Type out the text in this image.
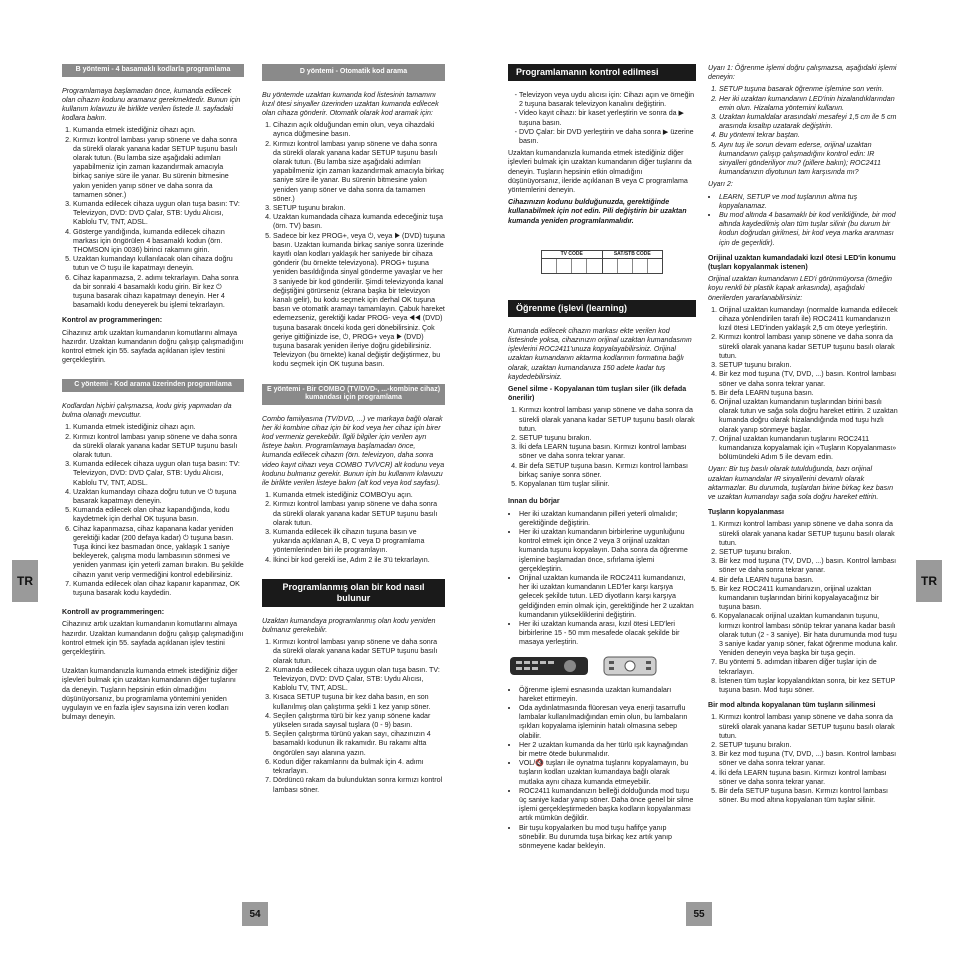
TR	TR
54	55
B yöntemi - 4 basamaklı kodlarla programlama

Programlamaya başlamadan önce, kumanda edilecek olan cihazın kodunu aramanız gerekmektedir. Bunun için kullanım kılavuzu ile birlikte verilen listede II. sayfadaki kodlara bakın.

1. Kumanda etmek istediğiniz cihazı açın.
2. Kırmızı kontrol lambası yanıp sönene ve daha sonra da sürekli olarak yanana kadar SETUP tuşunu basılı olarak tutun. (Bu lamba size aşağıdaki adımları yapabilmeniz için zaman kazandırmak amacıyla birkaç saniye süre ile yanar. Bu sürenin bitmesine yakın yeniden yanıp söner ve daha sonra da tamamen söner.)
3. Kumanda edilecek cihaza uygun olan tuşa basın: TV: Televizyon, DVD: DVD Çalar, STB: Uydu Alıcısı, Kablolu TV, TNT, ADSL.
4. Gösterge yandığında, kumanda edilecek cihazın markası için öngörülen 4 basamaklı kodun (örn. THOMSON için 0036) birinci rakamını girin.
5. Uzaktan kumandayı kullanılacak olan cihaza doğru tutun ve ⏻ tuşu ile kapatmayı deneyin.
6. Cihaz kapanmazsa, 2. adımı tekrarlayın. Daha sonra da bir sonraki 4 basamaklı kodu girin. Bir kez ⏻ tuşuna basarak cihazı kapatmayı deneyin. Her 4 basamaklı kodu deneyerek bu işlemi tekrarlayın.

Kontrol av programmeringen:

Cihazınız artık uzaktan kumandanın komutlarını almaya hazırdır. Uzaktan kumandanın doğru çalışıp çalışmadığını kontrol etmek için 55. sayfada açıklanan işlev testini gerçekleştirin.

C yöntemi - Kod arama üzerinden programlama

Kodlardan hiçbiri çalışmazsa, kodu giriş yapmadan da bulma olanağı mevcuttur.

1. Kumanda etmek istediğiniz cihazı açın.
2. Kırmızı kontrol lambası yanıp sönene ve daha sonra da sürekli olarak yanana kadar SETUP tuşunu basılı olarak tutun.
3. Kumanda edilecek cihaza uygun olan tuşa basın: TV: Televizyon, DVD: DVD Çalar, STB: Uydu Alıcısı, Kablolu TV, TNT, ADSL.
4. Uzaktan kumandayı cihaza doğru tutun ve ⏻ tuşuna basarak kapatmayı deneyin.
5. Kumanda edilecek olan cihaz kapandığında, kodu kaydetmek için derhal OK tuşuna basın.
6. Cihaz kapanmazsa, cihaz kapanana kadar yeniden gerektiği kadar (200 defaya kadar) ⏻ tuşuna basın. Tuşa ikinci kez basmadan önce, yaklaşık 1 saniye bekleyerek, çalışma modu lambasının sönmesi ve yeniden yanması için yeterli zaman bırakın. Bu şekilde cihazın yanıt verip vermediğini kontrol edebilirsiniz.
7. Kumanda edilecek olan cihaz kapanır kapanmaz, OK tuşuna basarak kodu kaydedin.

Kontroll av programmeringen:

Cihazınız artık uzaktan kumandanın komutlarını almaya hazırdır. Uzaktan kumandanın doğru çalışıp çalışmadığını kontrol etmek için 55. sayfada açıklanan işlev testini gerçekleştirin.

Uzaktan kumandanızla kumanda etmek istediğiniz diğer işlevleri bulmak için uzaktan kumandanın diğer tuşlarını da deneyin. Tuşların hepsinin etkin olmadığını düşünüyorsanız, bu programlama yöntemini yeniden uygulayın ve en fazla işlev sayısına izin veren kodları bulmayı deneyin.

D yöntemi - Otomatik kod arama

Bu yöntemde uzaktan kumanda kod listesinin tamamını kızıl ötesi sinyaller üzerinden uzaktan kumanda edilecek olan cihaza gönderir. Otomatik olarak kod aramak için:

1. Cihazın açık olduğundan emin olun, veya cihazdaki ayrıca düğmesine basın.
2. Kırmızı kontrol lambası yanıp sönene ve daha sonra da sürekli olarak yanana kadar SETUP tuşunu basılı olarak tutun. (Bu lamba size aşağıdaki adımları yapabilmeniz için zaman kazandırmak amacıyla birkaç saniye süre ile yanar. Bu sürenin bitmesine yakın yeniden yanıp söner ve daha sonra da tamamen söner.)
3. SETUP tuşunu bırakın.
4. Uzaktan kumandada cihaza kumanda edeceğiniz tuşa (örn. TV) basın.
5. Sadece bir kez PROG+, veya ⏻, veya ▶ (DVD) tuşuna basın. Uzaktan kumanda birkaç saniye sonra üzerinde kayıtlı olan kodları yaklaşık her saniyede bir cihaza gönderir (bu örnekte televizyona). PROG+ tuşuna yeniden basıldığında sinyal gönderme yavaşlar ve her 3 saniyede bir kod gönderilir. Şimdi televizyonda kanal değiştiğini görürseniz (ekrana başka bir televizyon kanalı gelir), bu kodu seçmek için derhal OK tuşuna basın ve otomatik aramayı tamamlayın. Çabuk hareket edemezseniz, gerektiği kadar PROG- veya ◀◀ (DVD) tuşuna basarak önceki koda geri dönebilirsiniz. Çok geriye gittiğinizde ise, ⏻, PROG+ veya ▶ (DVD) tuşuna basarak yeniden ileriye doğru gidebilirsiniz. Televizyon (bu örnekte) kanal değiştir değiştirmez, bu kodu seçmek için OK tuşuna basın.
E yöntemi - Bir COMBO (TV/DVD-, ...-kombine cihaz) kumandası için programlama

Combo familyasına (TV/DVD, ...) ve markaya bağlı olarak her iki kombine cihaz için bir kod veya her cihaz için birer kod vermeniz gerekebilir. İlgili bilgiler için verilen ayrı listeye bakın. Programlamaya başlamadan önce, kumanda edilecek cihazın (örn. televizyon, daha sonra video kayıt cihazı veya COMBO TV/VCR) alt kodunu veya kodunu bulmanız gerekir. Bunun için bu kullanım kılavuzu ile birlikte verilen listeye bakın (alt kod veya kod sayfası).

1. Kumanda etmek istediğiniz COMBO'yu açın.
2. Kırmızı kontrol lambası yanıp sönene ve daha sonra da sürekli olarak yanana kadar SETUP tuşunu basılı olarak tutun.
3. Kumanda edilecek ilk cihazın tuşuna basın ve yukarıda açıklanan A, B, C veya D programlama yöntemlerinden biri ile programlayın.
4. İkinci bir kod gerekli ise, Adım 2 ile 3'ü tekrarlayın.
Programlanmış olan bir kod nasıl bulunur

Uzaktan kumandaya programlanmış olan kodu yeniden bulmanız gerekebilir.

1. Kırmızı kontrol lambası yanıp sönene ve daha sonra da sürekli olarak yanana kadar SETUP tuşunu basılı olarak tutun.
2. Kumanda edilecek cihaza uygun olan tuşa basın. TV: Televizyon, DVD: DVD Çalar, STB: Uydu Alıcısı, Kablolu TV, TNT, ADSL.
3. Kısaca SETUP tuşuna bir kez daha basın, en son kullanılmış olan çalıştırma şekli 1 kez yanıp söner.
4. Seçilen çalıştırma türü bir kez yanıp sönene kadar yükselen sırada sayısal tuşlara (0 - 9) basın.
5. Seçilen çalıştırma türünü yakan sayı, cihazınızın 4 basamaklı kodunun ilk rakamıdır. Bu rakamı altta öngörülen sayı alanına yazın.
6. Kodun diğer rakamlarını da bulmak için 4. adımı tekrarlayın.
7. Dördüncü rakam da bulunduktan sonra kırmızı kontrol lambası söner.
Programlamanın kontrol edilmesi
- Televizyon veya uydu alıcısı için: Cihazı açın ve örneğin 2 tuşuna basarak televizyon kanalını değiştirin.
- Video kayıt cihazı: bir kaset yerleştirin ve sonra da ▶ tuşuna basın.
- DVD Çalar: bir DVD yerleştirin ve daha sonra ▶ üzerine basın.

Uzaktan kumandanızla kumanda etmek istediğiniz diğer işlevleri bulmak için uzaktan kumandanın diğer tuşlarını da deneyin. Tuşların hepsinin etkin olmadığını düşünüyorsanız, ileride açıklanan B veya C programlama yöntemlerini deneyin.

Cihazınızın kodunu bulduğunuzda, gerektiğinde kullanabilmek için not edin. Pili değiştirin bir uzaktan kumanda yeniden programlanmalıdır.

TV CODE	SAT/STB CODE
Öğrenme (işlevi (learning)

Kumanda edilecek cihazın markası ekte verilen kod listesinde yoksa, cihazınızın orijinal uzaktan kumandasının işlevlerini ROC2411'unuza kopyalayabilirsiniz. Orijinal uzaktan kumandanın aktarma kodlarının formatına bağlı olarak, uzaktan kumandanıza 150 adete kadar tuş kaydedebilirsiniz.

Genel silme - Kopyalanan tüm tuşları siler (ilk defada önerilir)

1. Kırmızı kontrol lambası yanıp sönene ve daha sonra da sürekli olarak yanana kadar SETUP tuşunu basılı olarak tutun.
2. SETUP tuşunu bırakın.
3. İki defa LEARN tuşuna basın. Kırmızı kontrol lambası söner ve daha sonra tekrar yanar.
4. Bir defa SETUP tuşuna basın. Kırmızı kontrol lambası birkaç saniye sonra söner.
5. Kopyalanan tüm tuşlar silinir.

Innan du börjar

• Her iki uzaktan kumandanın pilleri yeterli olmalıdır; gerektiğinde değiştirin.
• Her iki uzaktan kumandanın birbirlerine uygunluğunu kontrol etmek için önce 2 veya 3 orijinal uzaktan kumanda tuşunu kopyalayın. Daha sonra da öğrenme işlemine başlamadan önce, sıfırlama işlemi gerçekleştirin.
• Orijinal uzaktan kumanda ile ROC2411 kumandanızı, her iki uzaktan kumandanın LED'ler karşı karşıya gelecek şekilde tutun. LED diyotların karşı karşıya geldiğinden emin olmak için, gerektiğinde her 2 uzaktan kumandanın yüksekliklerini değiştirin.
• Her iki uzaktan kumanda arası, kızıl ötesi LED'leri birbirlerine 15 - 50 mm mesafede olacak şekilde bir masaya yerleştirin.
• Öğrenme işlemi esnasında uzaktan kumandaları hareket ettirmeyin.
• Oda aydınlatmasında flüoresan veya enerji tasarruflu lambalar kullanılmadığından emin olun, bu lambaların ışıkları kopyalama işleminin hatalı olmasına sebep olabilir.
• Her 2 uzaktan kumanda da her türlü ışık kaynağından bir metre ötede bulunmalıdır.
• VOL/🔇 tuşları ile oynatma tuşlarını kopyalamayın, bu tuşların kodları uzaktan kumandaya bağlı olarak mutlaka aynı cihaza kumanda etmeyebilir.
• ROC2411 kumandanızın belleği dolduğunda mod tuşu üç saniye kadar yanıp söner. Daha önce genel bir silme işlemi gerçekleştirmeden başka kodların kopyalanması artık mümkün değildir.
• Bir tuşu kopyalarken bu mod tuşu hafifçe yanıp sönebilir. Bu durumda tuşa birkaç kez artık yanıp sönmeyene kadar bekleyin.

Uyarı 1: Öğrenme işlemi doğru çalışmazsa, aşağıdaki işlemi deneyin:

1. SETUP tuşuna basarak öğrenme işlemine son verin.
2. Her iki uzaktan kumandanın LED'inin hizalandıklarından emin olun. Hizalama yöntemini kullanın.
3. Uzaktan kumaldalar arasındaki mesafeyi 1,5 cm ile 5 cm arasında kısaltıp uzatarak değiştirin.
4. Bu yöntemi tekrar baştan.
5. Aynı tuş ile sorun devam ederse, orijinal uzaktan kumandanın çalışıp çalışmadığını kontrol edin: IR sinyalleri gönderiliyor mu? (pillere bakın); ROC2411 kumandanızın diyotunun tam karşısında mı?

Uyarı 2:

• LEARN, SETUP ve mod tuşlarının altına tuş kopyalanamaz.
• Bu mod altında 4 basamaklı bir kod verildiğinde, bir mod altında kaydedilmiş olan tüm tuşlar silinir (bu durum bir kodun doğrudan girilmesi, bir kod veya marka aranması için de geçerlidir).

Orijinal uzaktan kumandadaki kızıl ötesi LED'in konumu (tuşları kopyalanmak istenen)

Orijinal uzaktan kumandanın LED'i görünmüyorsa (örneğin koyu renkli bir plastik kapak arkasında), aşağıdaki önerilerden yararlanabilirsiniz:

1. Orijinal uzaktan kumandayı (normalde kumanda edilecek cihaza yönlendirilen tarafı ile) ROC2411 kumandanızın kızıl ötesi LED'inden yaklaşık 2,5 cm öteye yerleştirin.
2. Kırmızı kontrol lambası yanıp sönene ve daha sonra da sürekli olarak yanana kadar SETUP tuşunu basılı olarak tutun.
3. SETUP tuşunu bırakın.
4. Bir kez mod tuşuna (TV, DVD, ...) basın. Kontrol lambası söner ve daha sonra tekrar yanar.
5. Bir defa LEARN tuşuna basın.
6. Orijinal uzaktan kumandanın tuşlarından birini basılı olarak tutun ve sağa sola doğru hareket ettirin. 2 uzaktan kumanda doğru olarak hizalandığında mod tuşu hızlı olarak yanıp sönmeye başlar.
7. Orijinal uzaktan kumandanın tuşlarını ROC2411 kumandanıza kopyalamak için «Tuşların Kopyalanması» bölümündeki Adım 5 ile devam edin.

Uyarı: Bir tuş basılı olarak tutulduğunda, bazı orijinal uzaktan kumandalar IR sinyallerini devamlı olarak aktarmazlar. Bu durumda, tuşlardan birine birkaç kez basın ve uzaktan kumandayı sağa sola doğru hareket ettirin.

Tuşların kopyalanması

1. Kırmızı kontrol lambası yanıp sönene ve daha sonra da sürekli olarak yanana kadar SETUP tuşunu basılı olarak tutun.
2. SETUP tuşunu bırakın.
3. Bir kez mod tuşuna (TV, DVD, ...) basın. Kontrol lambası söner ve daha sonra tekrar yanar.
4. Bir defa LEARN tuşuna basın.
5. Bir kez ROC2411 kumandanızın, orijinal uzaktan kumandanın tuşlarından birini kopyalayacağınız bir tuşuna basın.
6. Kopyalanacak orijinal uzaktan kumandanın tuşunu, kırmızı kontrol lambası sönüp tekrar yanana kadar basılı olarak tutun (2 - 3 saniye). Bir hata durumunda mod tuşu 3 saniye kadar yanıp söner, fakat öğrenme moduna kalır. Yeniden deneyin veya başka bir tuşa geçin.
7. Bu yöntemi 5. adımdan itibaren diğer tuşlar için de tekrarlayın.
8. İstenen tüm tuşlar kopyalandıktan sonra, bir kez SETUP tuşuna basın. Mod tuşu söner.

Bir mod altında kopyalanan tüm tuşların silinmesi

1. Kırmızı kontrol lambası yanıp sönene ve daha sonra da sürekli olarak yanana kadar SETUP tuşunu basılı olarak tutun.
2. SETUP tuşunu bırakın.
3. Bir kez mod tuşuna (TV, DVD, ...) basın. Kontrol lambası söner ve daha sonra tekrar yanar.
4. İki defa LEARN tuşuna basın. Kırmızı kontrol lambası söner ve daha sonra tekrar yanar.
5. Bir defa SETUP tuşuna basın. Kırmızı kontrol lambası söner. Bu mod altına kopyalanan tüm tuşlar silinir.
